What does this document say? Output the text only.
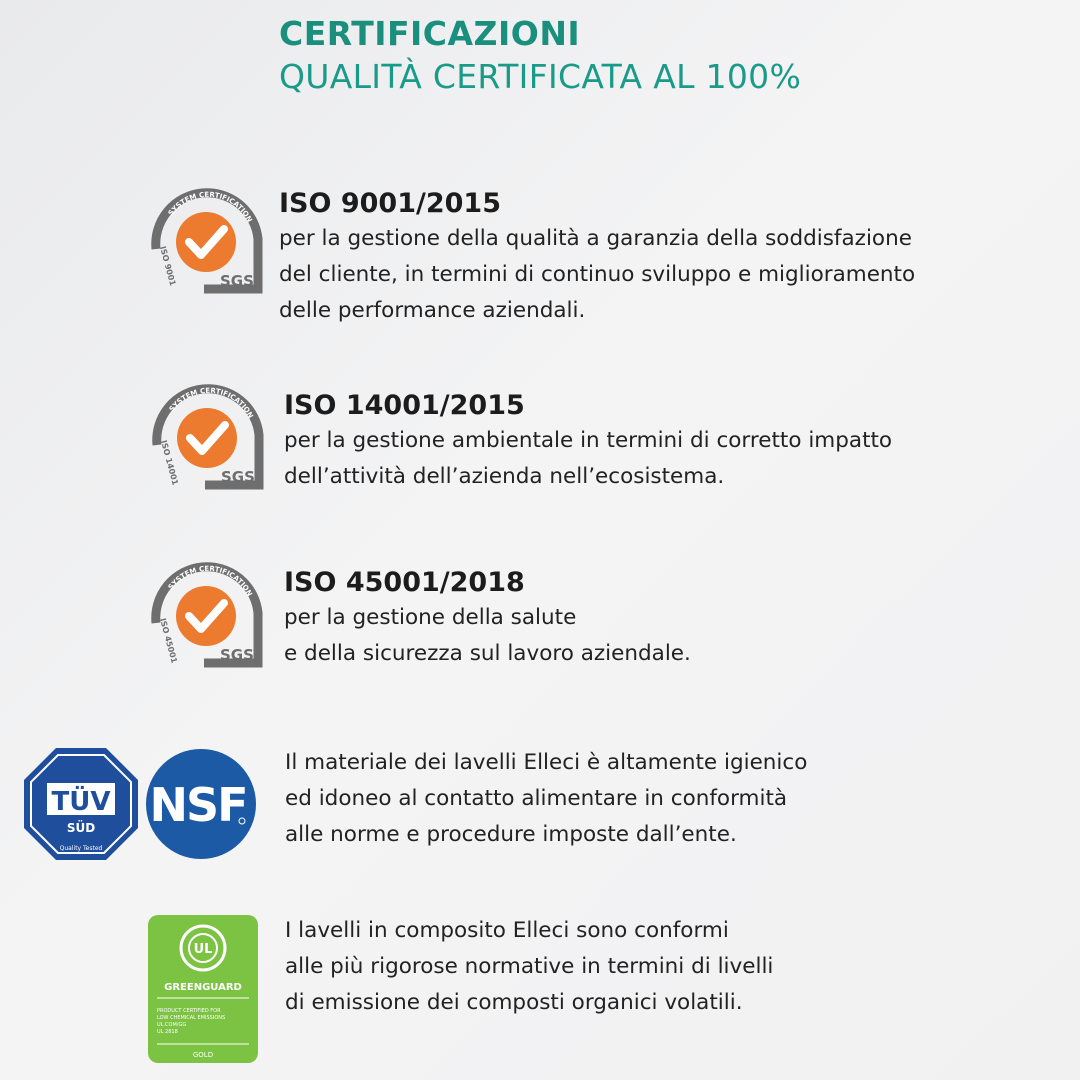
CERTIFICAZIONI
QUALITÀ CERTIFICATA AL 100%
SYSTEM CERTIFICATION
ISO 9001	SGS
ISO 9001/2015
per la gestione della qualità a garanzia della soddisfazione
del cliente, in termini di continuo sviluppo e miglioramento
delle performance aziendali.
SYSTEM CERTIFICATION
ISO 14001	SGS
ISO 14001/2015
per la gestione ambientale in termini di corretto impatto
dell’attività dell’azienda nell’ecosistema.
SYSTEM CERTIFICATION
ISO 45001	SGS
ISO 45001/2018
per la gestione della salute
e della sicurezza sul lavoro aziendale.
TÜV
SÜD
Quality Tested
NSF
Il materiale dei lavelli Elleci è altamente igienico
ed idoneo al contatto alimentare in conformità
alle norme e procedure imposte dall’ente.
UL
GREENGUARD
PRODUCT CERTIFIED FOR
LOW CHEMICAL EMISSIONS
UL.COM/GG
UL 2818
GOLD
I lavelli in composito Elleci sono conformi
alle più rigorose normative in termini di livelli
di emissione dei composti organici volatili.
